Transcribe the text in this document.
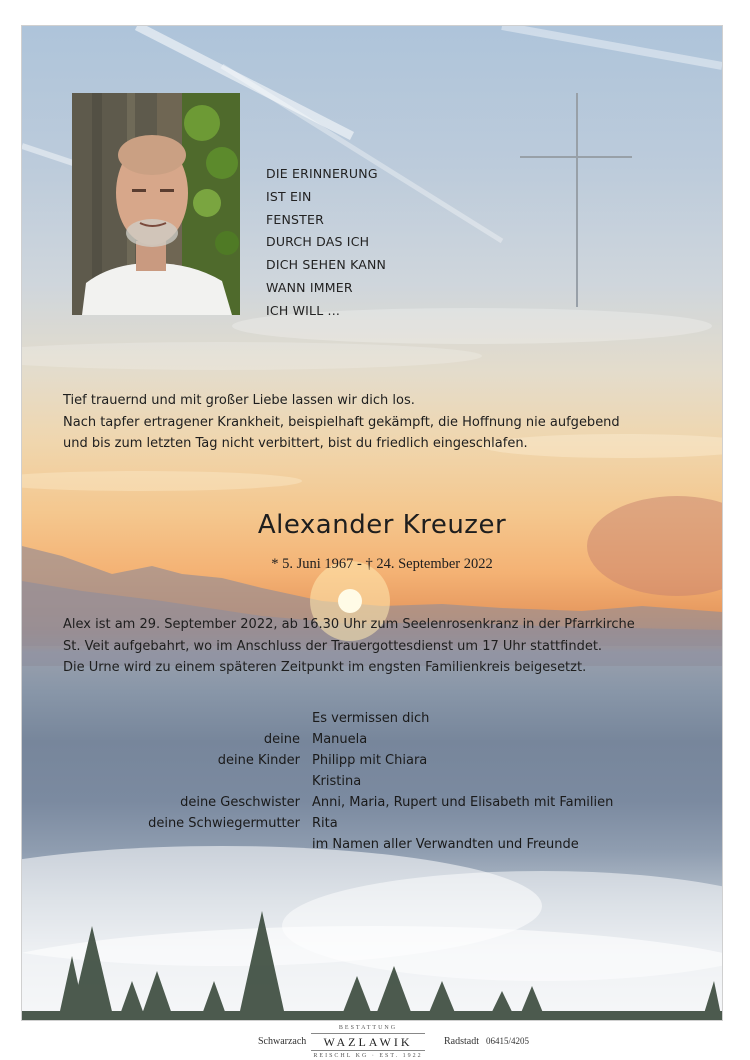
DIE ERINNERUNG
IST EIN
FENSTER
DURCH DAS ICH
DICH SEHEN KANN
WANN IMMER
ICH WILL ...
Tief trauernd und mit großer Liebe lassen wir dich los.
Nach tapfer ertragener Krankheit, beispielhaft gekämpft, die Hoffnung nie aufgebend
und bis zum letzten Tag nicht verbittert, bist du friedlich eingeschlafen.
Alexander Kreuzer
* 5. Juni 1967 - † 24. September 2022
Alex ist am 29. September 2022, ab 16.30 Uhr zum Seelenrosenkranz in der Pfarrkirche
St. Veit aufgebahrt, wo im Anschluss der Trauergottesdienst um 17 Uhr stattfindet.
Die Urne wird zu einem späteren Zeitpunkt im engsten Familienkreis beigesetzt.
Es vermissen dich
deine Manuela
deine Kinder Philipp mit Chiara
Kristina
deine Geschwister Anni, Maria, Rupert und Elisabeth mit Familien
deine Schwiegermutter Rita
im Namen aller Verwandten und Freunde
Schwarzach
BESTATTUNG
WAZLAWIK
REISCHL KG · EST. 1922
Radstadt 06415/4205
